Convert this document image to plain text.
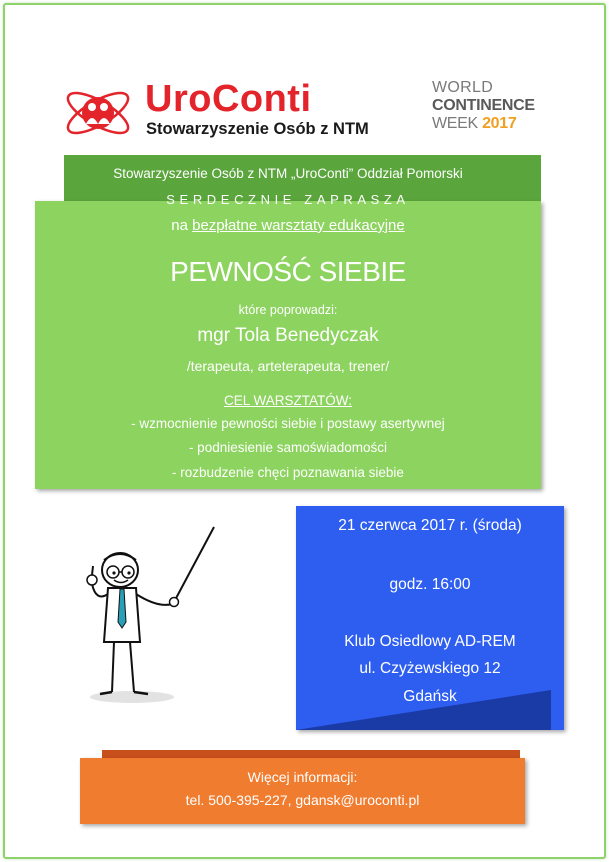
UroConti
Stowarzyszenie Osób z NTM
WORLD
CONTINENCE
WEEK 2017
Stowarzyszenie Osób z NTM „UroConti” Oddział Pomorski
SERDECZNIE ZAPRASZA
na bezpłatne warsztaty edukacyjne
PEWNOŚĆ SIEBIE
które poprowadzi:
mgr Tola Benedyczak
/terapeuta, arteterapeuta, trener/
CEL WARSZTATÓW:
- wzmocnienie pewności siebie i postawy asertywnej
- podniesienie samoświadomości
- rozbudzenie chęci poznawania siebie
21 czerwca 2017 r. (środa)
godz. 16:00
Klub Osiedlowy AD-REM
ul. Czyżewskiego 12
Gdańsk
Więcej informacji:
tel. 500-395-227, gdansk@uroconti.pl
